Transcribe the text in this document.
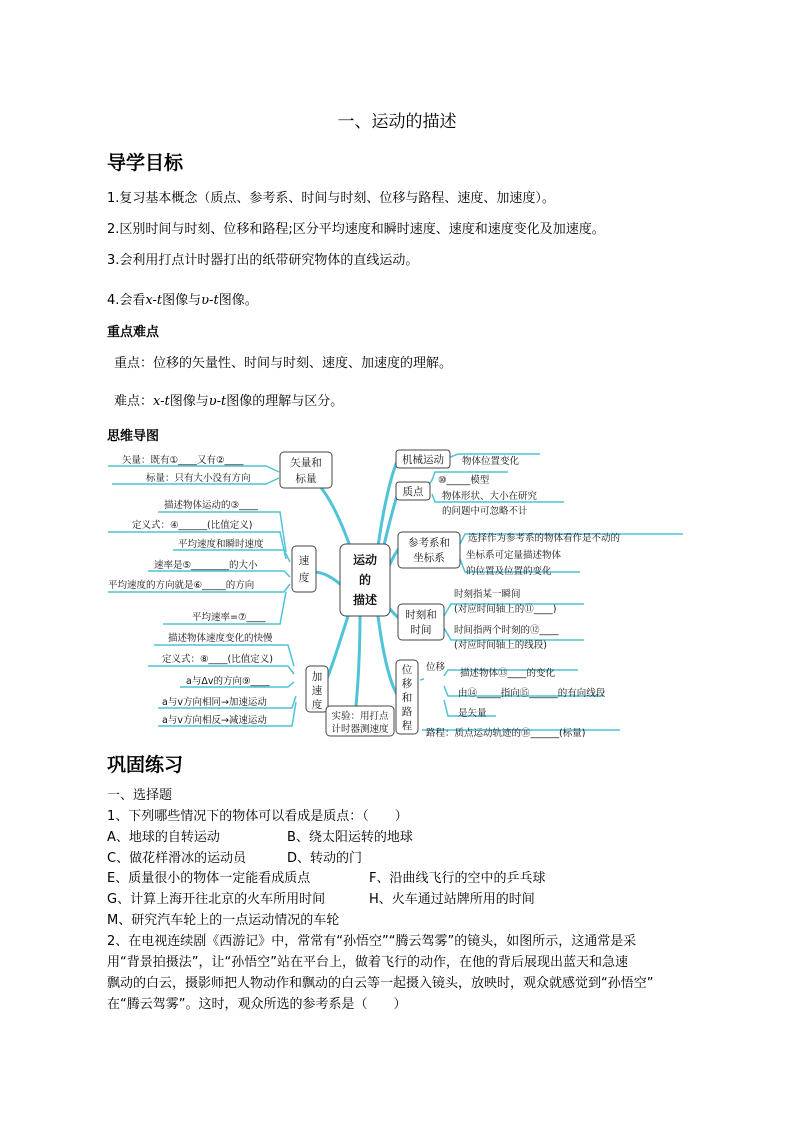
一、运动的描述
导学目标
1.复习基本概念（质点、参考系、时间与时刻、位移与路程、速度、加速度）。
2.区别时间与时刻、位移和路程;区分平均速度和瞬时速度、速度和速度变化及加速度。
3.会利用打点计时器打出的纸带研究物体的直线运动。
4.会看x-t图像与υ-t图像。
重点难点
重点：位移的矢量性、时间与时刻、速度、加速度的理解。
难点：x-t图像与υ-t图像的理解与区分。
思维导图
运动
的
描述
矢量和
标量
速
度
加
速
度
机械运动
质点
参考系和
坐标系
时刻和
时间
位
移
和
路
程
实验：用打点
计时器测速度
矢量：既有①____又有②____
标量：只有大小没有方向
描述物体运动的③____
定义式：④______(比值定义)
平均速度和瞬时速度
速率是⑤________的大小
平均速度的方向就是⑥_____的方向
平均速率=⑦____
描述物体速度变化的快慢
定义式：⑧____(比值定义)
a与Δv的方向⑨____
a与v方向相同→加速运动
a与v方向相反→减速运动
物体位置变化
⑩_____模型
物体形状、大小在研究
的问题中可忽略不计
选择作为参考系的物体看作是不动的
坐标系可定量描述物体
的位置及位置的变化
时刻指某一瞬间
(对应时间轴上的⑪____)
时间指两个时刻的⑫____
(对应时间轴上的线段)
位移
描述物体⑬____的变化
由⑭_____指向⑮______的有向线段
是矢量
路程：质点运动轨迹的⑯______(标量)
巩固练习
一、选择题
1、下列哪些情况下的物体可以看成是质点：（　　）
A、地球的自转运动	B、绕太阳运转的地球
C、做花样滑冰的运动员	D、转动的门
E、质量很小的物体一定能看成质点	F、沿曲线飞行的空中的乒乓球
G、计算上海开往北京的火车所用时间	H、火车通过站牌所用的时间
M、研究汽车轮上的一点运动情况的车轮
2、在电视连续剧《西游记》中，常常有“孙悟空”“腾云驾雾”的镜头，如图所示，这通常是采
用“背景拍摄法”，让“孙悟空”站在平台上，做着飞行的动作，在他的背后展现出蓝天和急速
飘动的白云，摄影师把人物动作和飘动的白云等一起摄入镜头，放映时，观众就感觉到“孙悟空”
在“腾云驾雾”。这时，观众所选的参考系是（　　）
